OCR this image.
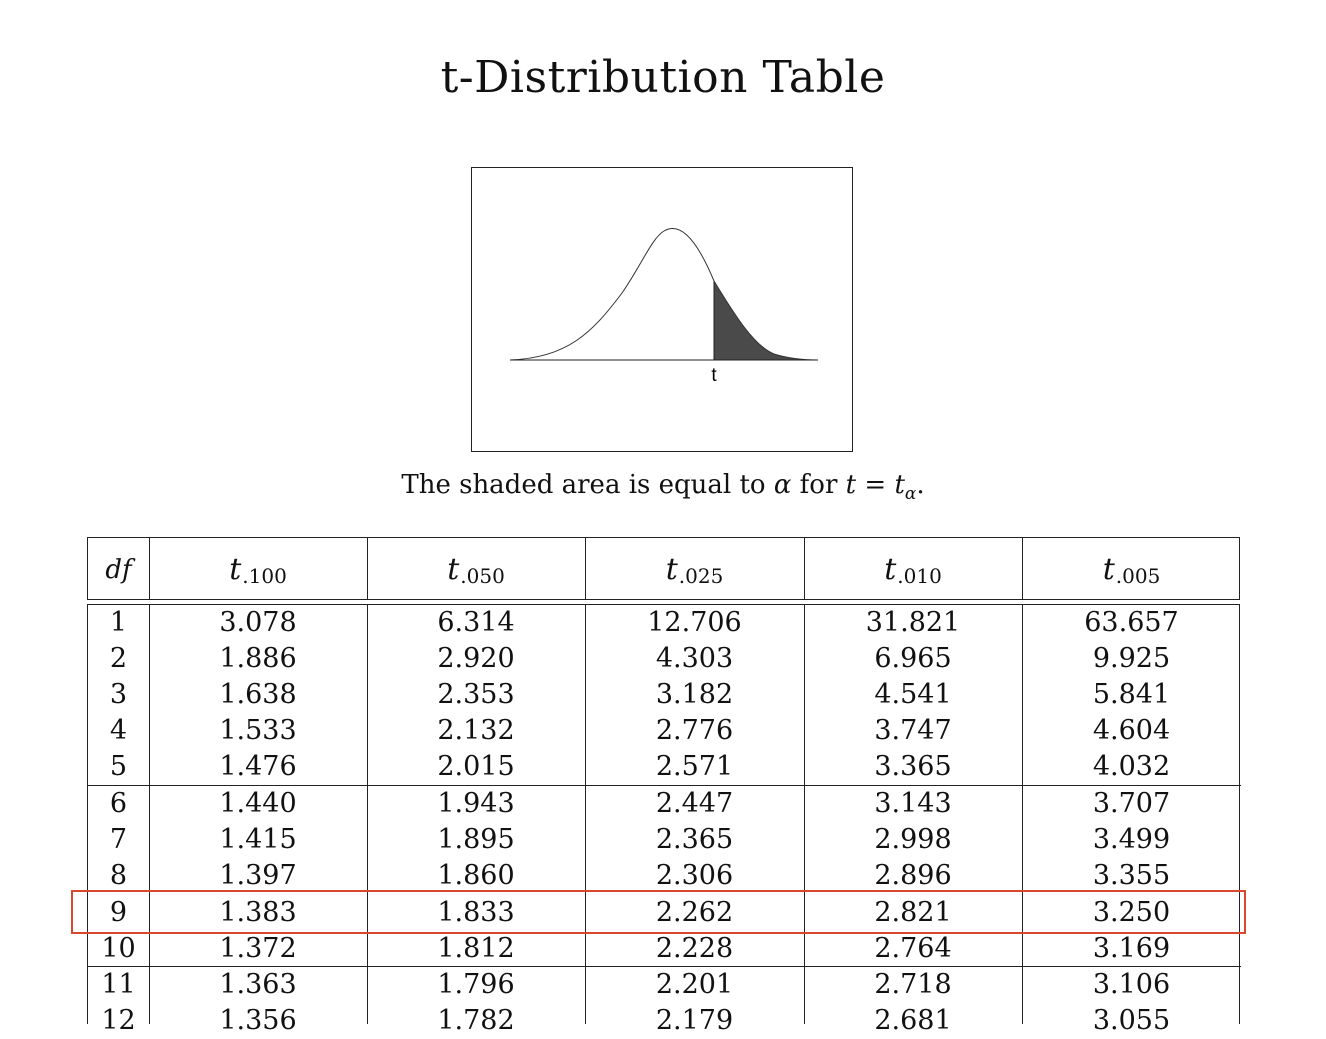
t-Distribution Table
t
The shaded area is equal to α for $t = t_\alpha$.
df	$t_{.100}$	$t_{.050}$	$t_{.025}$	$t_{.010}$	$t_{.005}$
1	3.078	6.314	12.706	31.821	63.657
2	1.886	2.920	4.303	6.965	9.925
3	1.638	2.353	3.182	4.541	5.841
4	1.533	2.132	2.776	3.747	4.604
5	1.476	2.015	2.571	3.365	4.032
6	1.440	1.943	2.447	3.143	3.707
7	1.415	1.895	2.365	2.998	3.499
8	1.397	1.860	2.306	2.896	3.355
9	1.383	1.833	2.262	2.821	3.250
10	1.372	1.812	2.228	2.764	3.169
11	1.363	1.796	2.201	2.718	3.106
12	1.356	1.782	2.179	2.681	3.055
